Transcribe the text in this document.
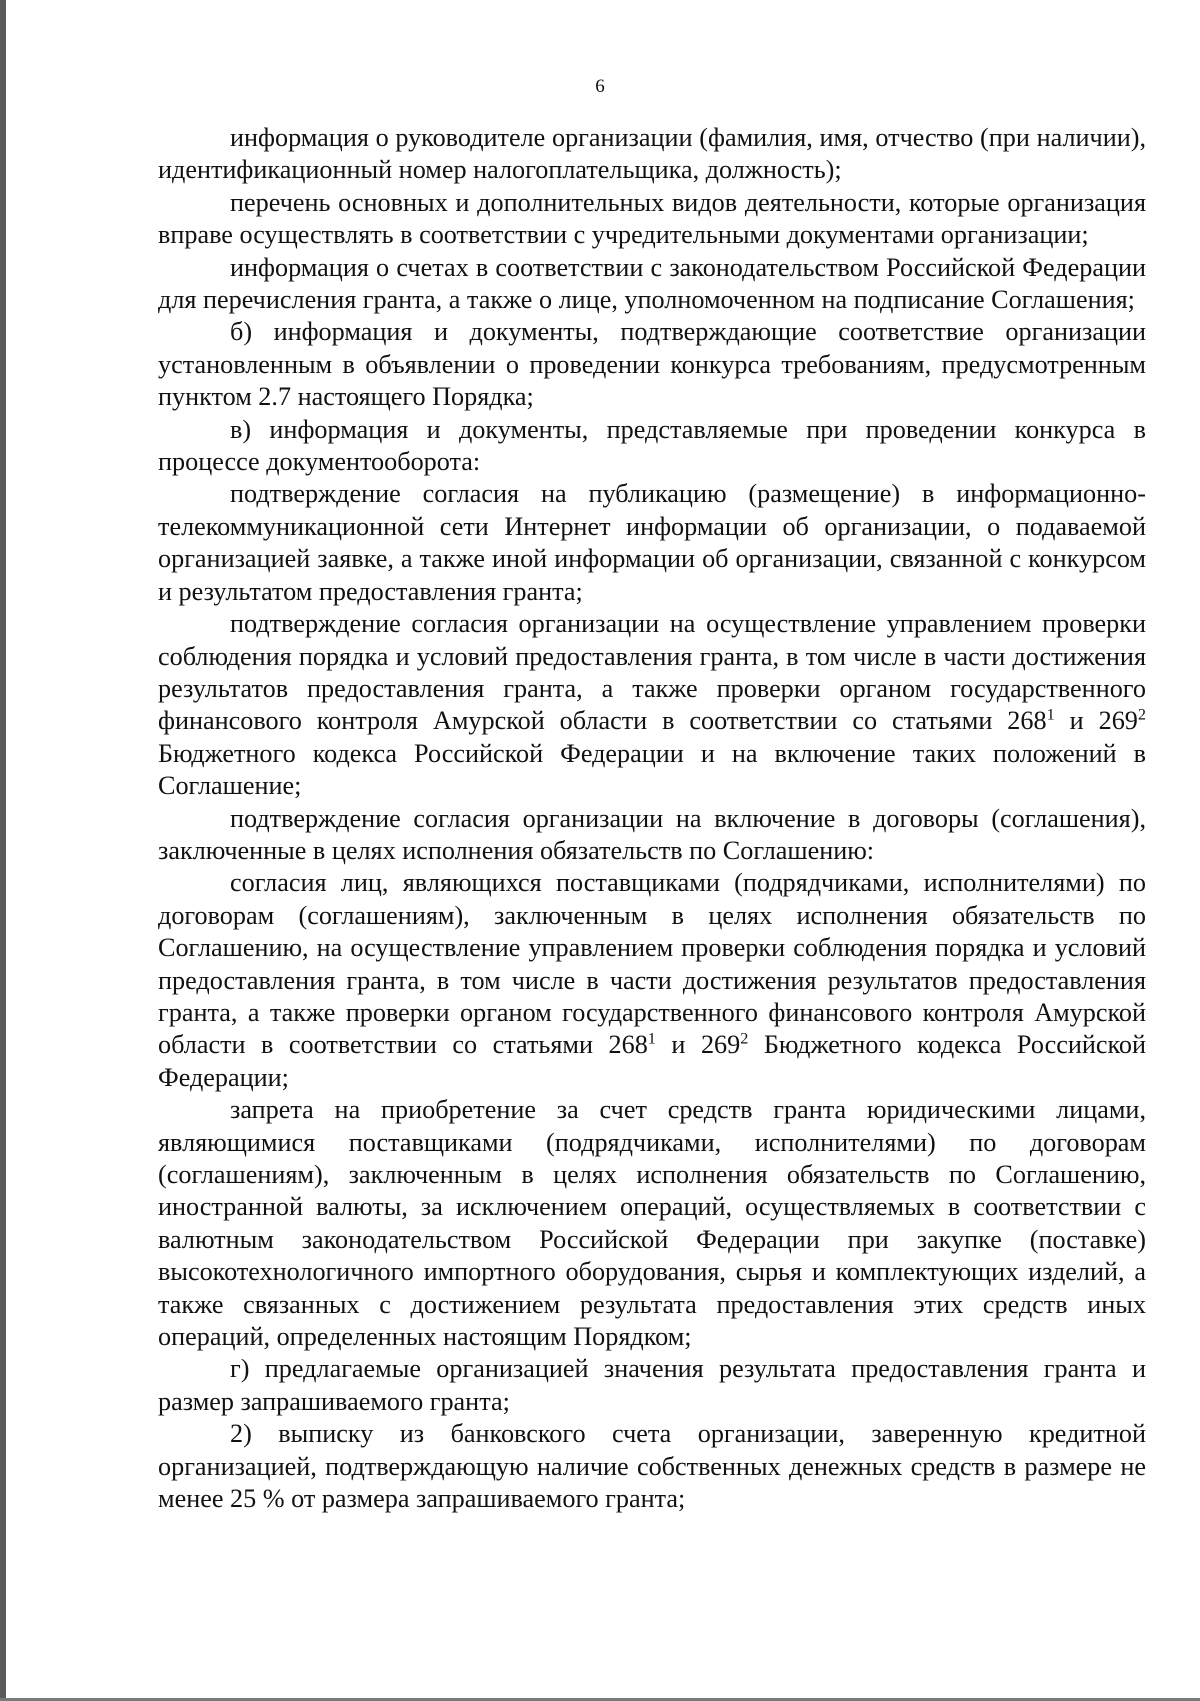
6

информация о руководителе организации (фамилия, имя, отчество (при наличии), идентификационный номер налогоплательщика, должность);

перечень основных и дополнительных видов деятельности, которые организация вправе осуществлять в соответствии с учредительными документами организации;

информация о счетах в соответствии с законодательством Российской Федерации для перечисления гранта, а также о лице, уполномоченном на подписание Соглашения;

б) информация и документы, подтверждающие соответствие организации установленным в объявлении о проведении конкурса требованиям, предусмотренным пунктом 2.7 настоящего Порядка;

в) информация и документы, представляемые при проведении конкурса в процессе документооборота:

подтверждение согласия на публикацию (размещение) в информационно-телекоммуникационной сети Интернет информации об организации, о подаваемой организацией заявке, а также иной информации об организации, связанной с конкурсом и результатом предоставления гранта;

подтверждение согласия организации на осуществление управлением проверки соблюдения порядка и условий предоставления гранта, в том числе в части достижения результатов предоставления гранта, а также проверки органом государственного финансового контроля Амурской области в соответствии со статьями $268^1$ и $269^2$ Бюджетного кодекса Российской Федерации и на включение таких положений в Соглашение;

подтверждение согласия организации на включение в договоры (соглашения), заключенные в целях исполнения обязательств по Соглашению:

согласия лиц, являющихся поставщиками (подрядчиками, исполнителями) по договорам (соглашениям), заключенным в целях исполнения обязательств по Соглашению, на осуществление управлением проверки соблюдения порядка и условий предоставления гранта, в том числе в части достижения результатов предоставления гранта, а также проверки органом государственного финансового контроля Амурской области в соответствии со статьями $268^1$ и $269^2$ Бюджетного кодекса Российской Федерации;

запрета на приобретение за счет средств гранта юридическими лицами, являющимися поставщиками (подрядчиками, исполнителями) по договорам (соглашениям), заключенным в целях исполнения обязательств по Соглашению, иностранной валюты, за исключением операций, осуществляемых в соответствии с валютным законодательством Российской Федерации при закупке (поставке) высокотехнологичного импортного оборудования, сырья и комплектующих изделий, а также связанных с достижением результата предоставления этих средств иных операций, определенных настоящим Порядком;

г) предлагаемые организацией значения результата предоставления гранта и размер запрашиваемого гранта;

2) выписку из банковского счета организации, заверенную кредитной организацией, подтверждающую наличие собственных денежных средств в размере не менее 25 % от размера запрашиваемого гранта;
